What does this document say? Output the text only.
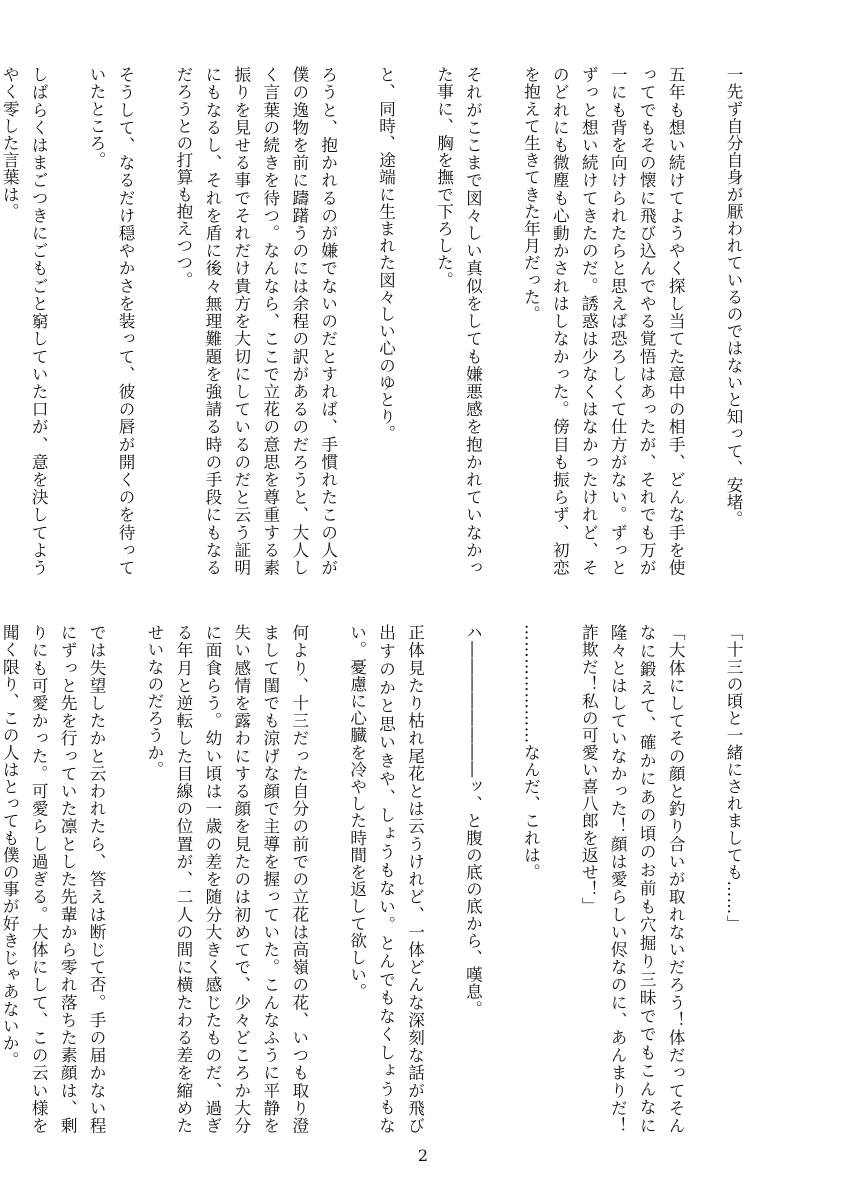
一先ず自分自身が厭われているのではないと知って、安堵。

五年も想い続けてようやく探し当てた意中の相手、どんな手を使ってでもその懐に飛び込んでやる覚悟はあったが、それでも万が一にも背を向けられたらと思えば恐ろしくて仕方がない。ずっとずっと想い続けてきたのだ。誘惑は少なくはなかったけれど、そのどれにも微塵も心動かされはしなかった。傍目も振らず、初恋を抱えて生きてきた年月だった。

それがここまで図々しい真似をしても嫌悪感を抱かれていなかった事に、胸を撫で下ろした。

と、同時、途端に生まれた図々しい心のゆとり。

ろうと、抱かれるのが嫌でないのだとすれば、手慣れたこの人が僕の逸物を前に躊躇うのには余程の訳があるのだろうと、大人しく言葉の続きを待つ。なんなら、ここで立花の意思を尊重する素振りを見せる事でそれだけ貴方を大切にしているのだと云う証明にもなるし、それを盾に後々無理難題を強請る時の手段にもなるだろうとの打算も抱えつつ。

そうして、なるだけ穏やかさを装って、彼の唇が開くのを待っていたところ。

しばらくはまごつきにごもごと窮していた口が、意を決してようやく零した言葉は。

「十三の頃と一緒にされましても……」

「大体にしてその顔と釣り合いが取れないだろう！体だってそんなに鍛えて、確かにあの頃のお前も穴掘り三昧ででもこんなに隆々とはしていなかった！顔は愛らしい侭なのに、あんまりだ！詐欺だ！私の可愛い喜八郎を返せ！」

…………………なんだ、これは。

ハ――――――――ッ、と腹の底の底から、嘆息。

正体見たり枯れ尾花とは云うけれど、一体どんな深刻な話が飛び出すのかと思いきや、しょうもない。とんでもなくしょうもない。憂慮に心臓を冷やした時間を返して欲しい。

何より、十三だった自分の前での立花は高嶺の花、いつも取り澄まして閨でも涼げな顔で主導を握っていた。こんなふうに平静を失い感情を露わにする顔を見たのは初めてで、少々どころか大分に面食らう。幼い頃は一歳の差を随分大きく感じたものだ、過ぎる年月と逆転した目線の位置が、二人の間に横たわる差を縮めたせいなのだろうか。

では失望したかと云われたら、答えは断じて否。手の届かない程にずっと先を行っていた凛とした先輩から零れ落ちた素顔は、剰りにも可愛かった。可愛らし過ぎる。大体にして、この云い様を聞く限り、この人はとっても僕の事が好きじゃあないか。

2
